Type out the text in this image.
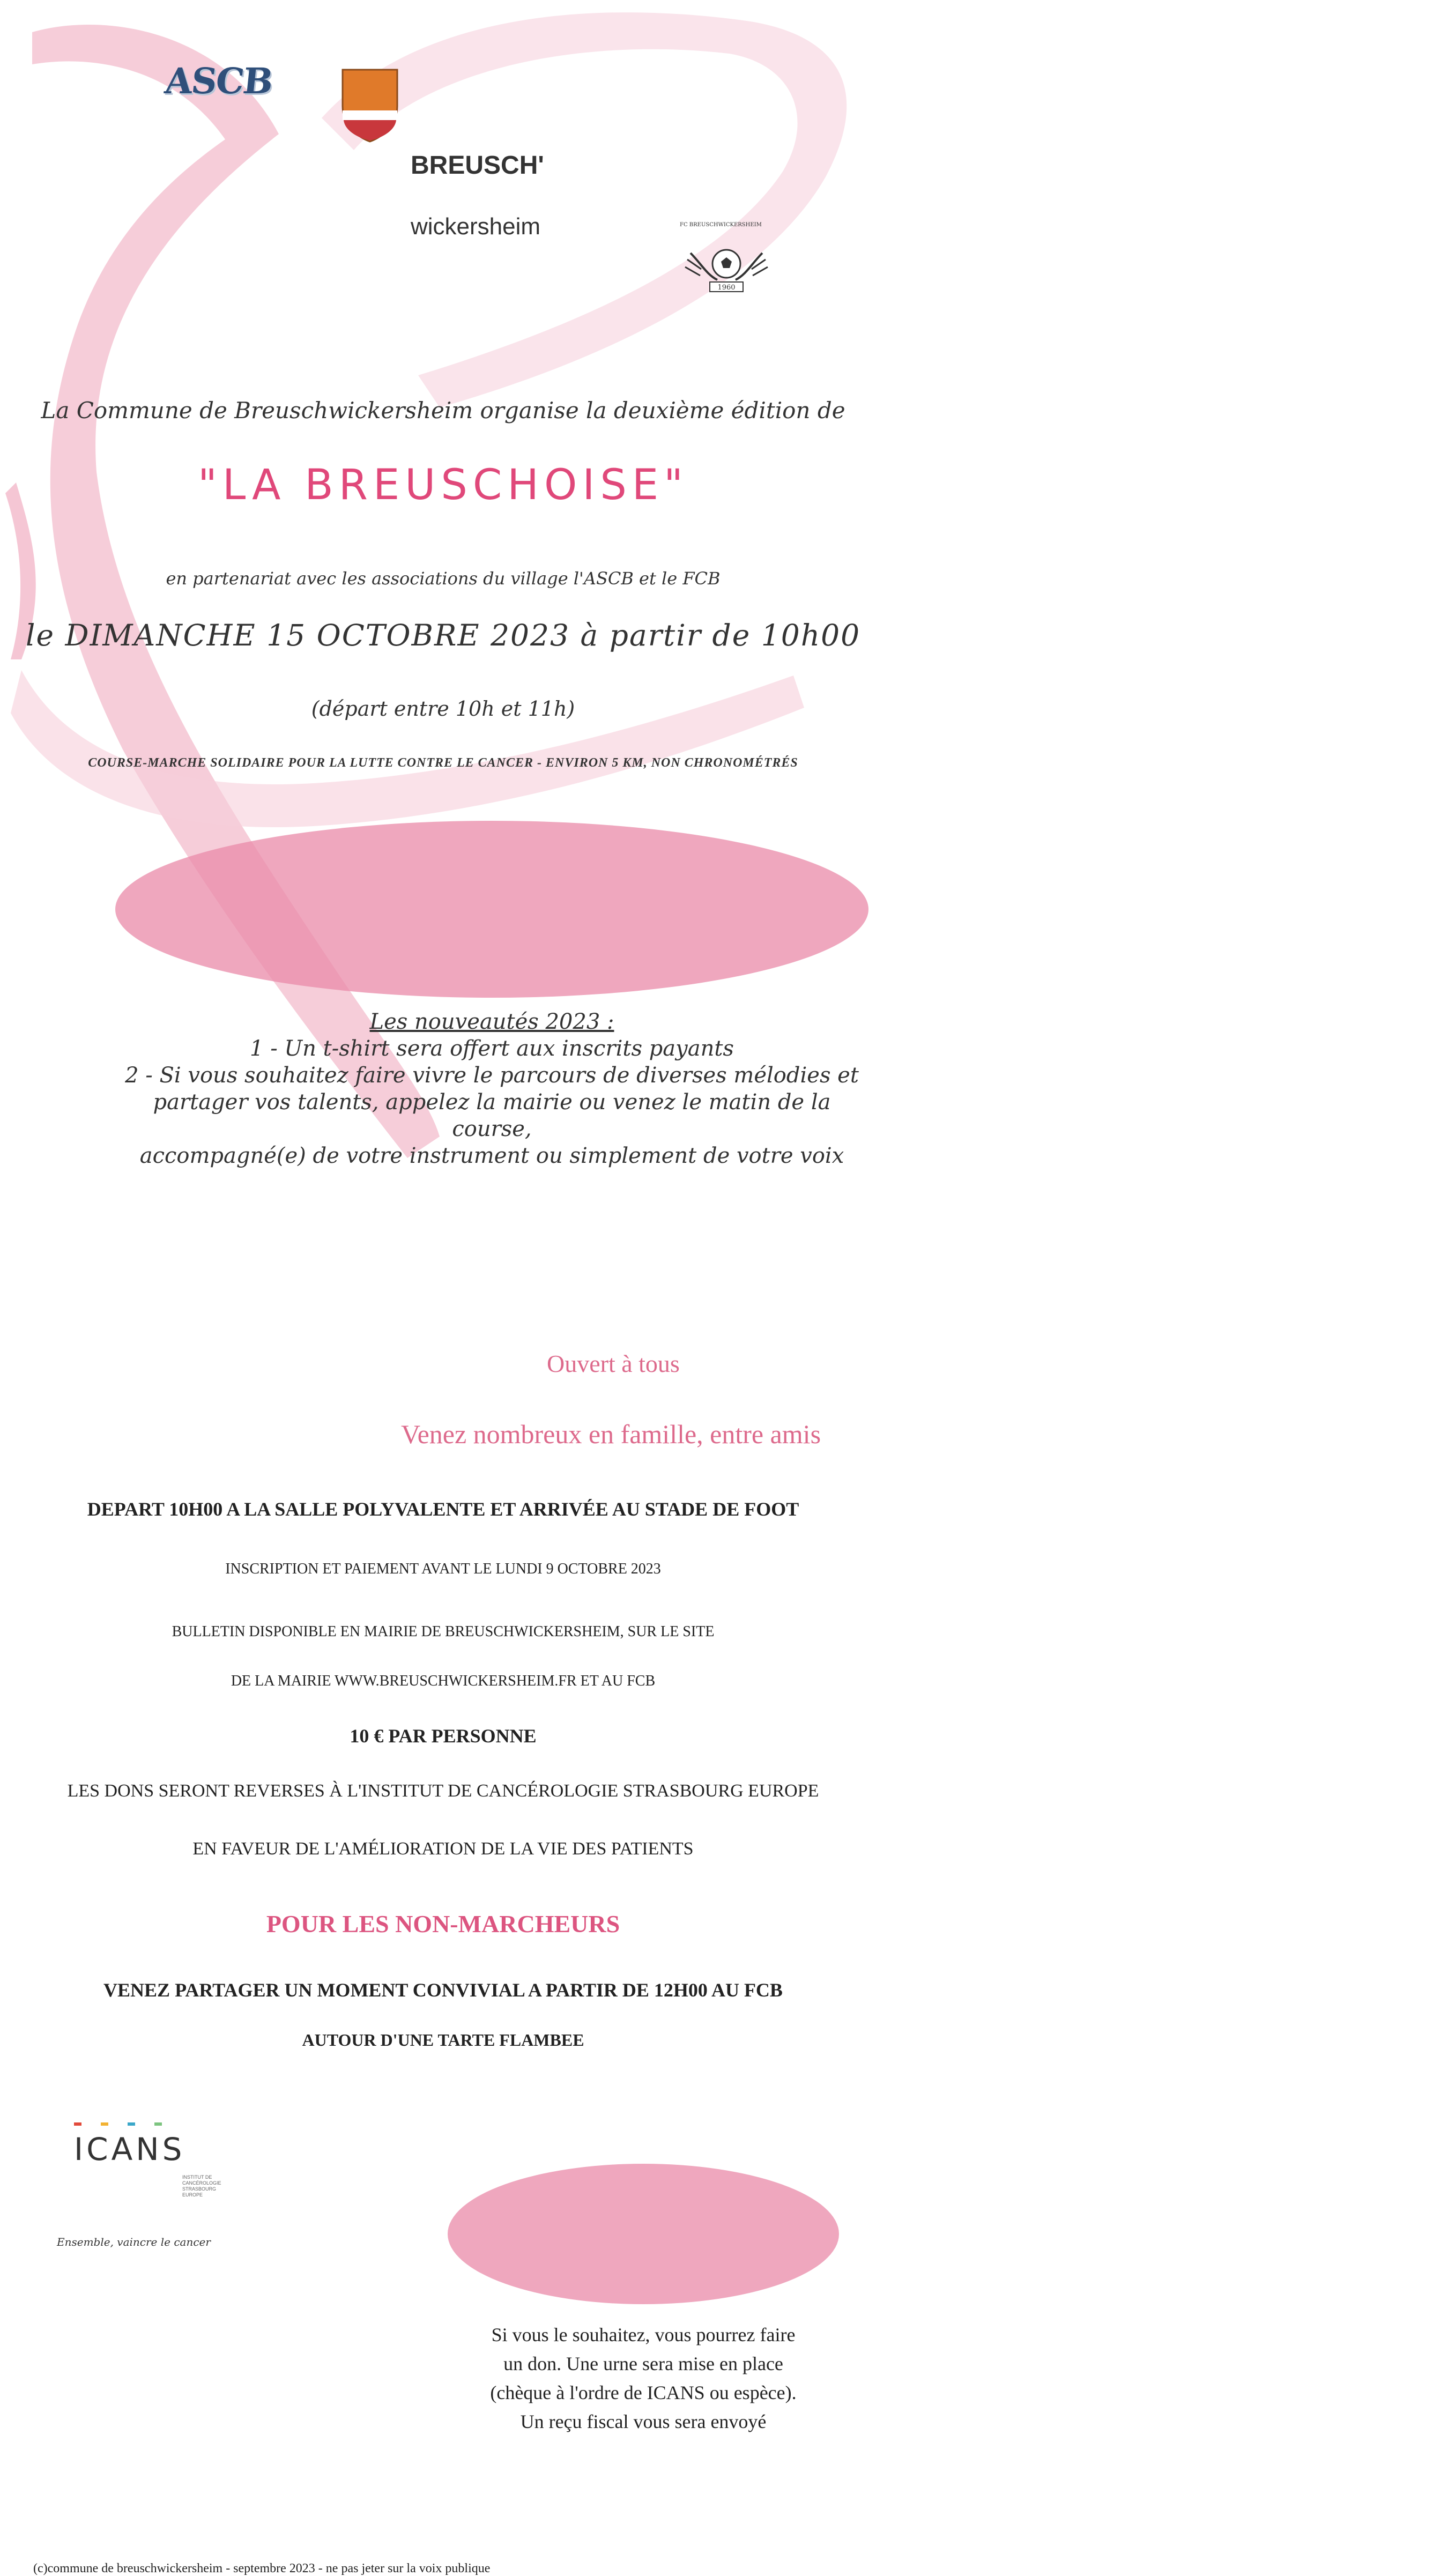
ASCB
BREUSCH'
wickersheim	FC BREUSCHWICKERSHEIM
1960
La Commune de Breuschwickersheim organise la deuxième édition de
"LA BREUSCHOISE"
en partenariat avec les associations du village l'ASCB et le FCB
le DIMANCHE 15 OCTOBRE 2023 à partir de 10h00
(départ entre 10h et 11h)
COURSE-MARCHE SOLIDAIRE POUR LA LUTTE CONTRE LE CANCER - ENVIRON 5 KM, NON CHRONOMÉTRÉS
Les nouveautés 2023 :
1 - Un t-shirt sera offert aux inscrits payants
2 - Si vous souhaitez faire vivre le parcours de diverses mélodies et
partager vos talents, appelez la mairie ou venez le matin de la course,
accompagné(e) de votre instrument ou simplement de votre voix
Ouvert à tous
Venez nombreux en famille, entre amis
DEPART 10H00 A LA SALLE POLYVALENTE ET ARRIVÉE AU STADE DE FOOT
INSCRIPTION ET PAIEMENT AVANT LE LUNDI 9 OCTOBRE 2023
BULLETIN DISPONIBLE EN MAIRIE DE BREUSCHWICKERSHEIM, SUR LE SITE
DE LA MAIRIE WWW.BREUSCHWICKERSHEIM.FR ET AU FCB
10 € PAR PERSONNE
LES DONS SERONT REVERSES À L'INSTITUT DE CANCÉROLOGIE STRASBOURG EUROPE
EN FAVEUR DE L'AMÉLIORATION DE LA VIE DES PATIENTS
POUR LES NON-MARCHEURS
VENEZ PARTAGER UN MOMENT CONVIVIAL A PARTIR DE 12H00 AU FCB
AUTOUR D'UNE TARTE FLAMBEE
ICANS
INSTITUT DE CANCÉROLOGIE STRASBOURG EUROPE
Ensemble, vaincre le cancer
Si vous le souhaitez, vous pourrez faire
un don. Une urne sera mise en place
(chèque à l'ordre de ICANS ou espèce).
Un reçu fiscal vous sera envoyé
(c)commune de breuschwickersheim - septembre 2023 - ne pas jeter sur la voix publique
